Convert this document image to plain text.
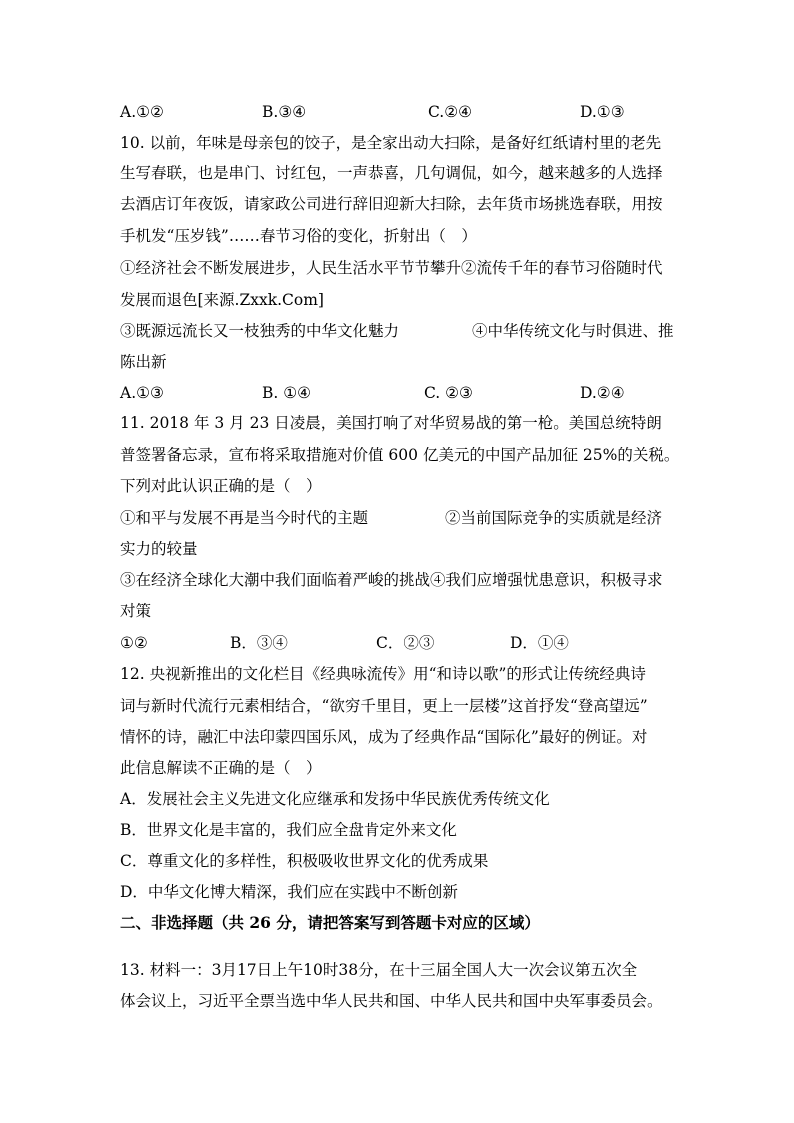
A.①②	B.③④	C.②④	D.①③
10. 以前，年味是母亲包的饺子，是全家出动大扫除，是备好红纸请村里的老先
生写春联，也是串门、讨红包，一声恭喜，几句调侃，如今，越来越多的人选择
去酒店订年夜饭，请家政公司进行辞旧迎新大扫除，去年货市场挑选春联，用按
手机发“压岁钱”……春节习俗的变化，折射出（　）
①经济社会不断发展进步，人民生活水平节节攀升②流传千年的春节习俗随时代
发展而退色[来源.Zxxk.Com]
③既源远流长又一枝独秀的中华文化魅力	④中华传统文化与时俱进、推
陈出新
A.①③	B. ①④	C. ②③	D.②④
11. 2018 年 3 月 23 日凌晨，美国打响了对华贸易战的第一枪。美国总统特朗
普签署备忘录，宣布将采取措施对价值 600 亿美元的中国产品加征 25%的关税。
下列对此认识正确的是（　）
①和平与发展不再是当今时代的主题	②当前国际竞争的实质就是经济
实力的较量
③在经济全球化大潮中我们面临着严峻的挑战④我们应增强忧患意识，积极寻求
对策
①②	B．③④	C．②③	D．①④
12. 央视新推出的文化栏目《经典咏流传》用“和诗以歌”的形式让传统经典诗
词与新时代流行元素相结合，“欲穷千里目，更上一层楼”这首抒发“登高望远”
情怀的诗，融汇中法印蒙四国乐风，成为了经典作品“国际化”最好的例证。对
此信息解读不正确的是（　）
A．发展社会主义先进文化应继承和发扬中华民族优秀传统文化
B．世界文化是丰富的，我们应全盘肯定外来文化
C．尊重文化的多样性，积极吸收世界文化的优秀成果
D．中华文化博大精深，我们应在实践中不断创新
二、非选择题（共 26 分，请把答案写到答题卡对应的区域）
13. 材料一：3月17日上午10时38分，在十三届全国人大一次会议第五次全
体会议上，习近平全票当选中华人民共和国、中华人民共和国中央军事委员会。
